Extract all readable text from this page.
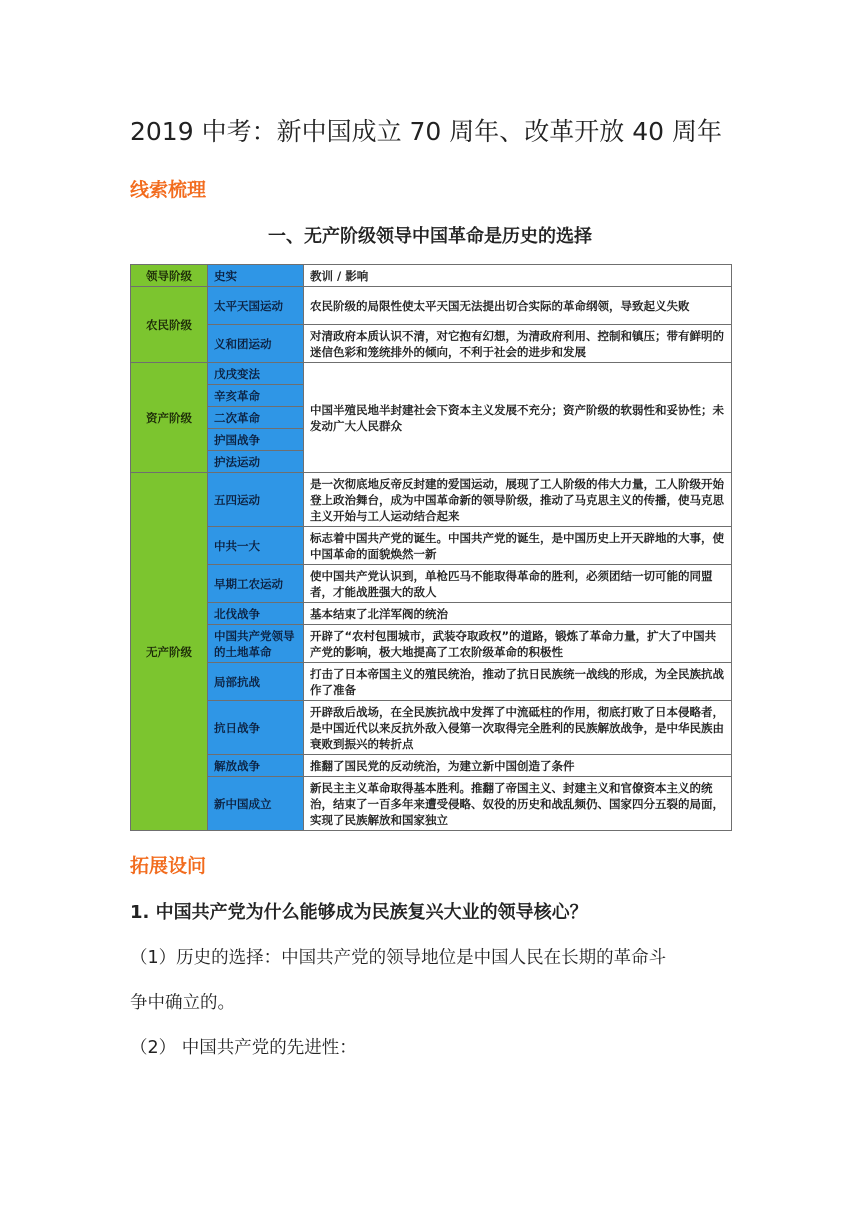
2019 中考：新中国成立 70 周年、改革开放 40 周年
线索梳理
一、无产阶级领导中国革命是历史的选择
领导阶级	史实	教训 / 影响
农民阶级	太平天国运动	农民阶级的局限性使太平天国无法提出切合实际的革命纲领，导致起义失败
	义和团运动	对清政府本质认识不清，对它抱有幻想，为清政府利用、控制和镇压；带有鲜明的迷信色彩和笼统排外的倾向，不利于社会的进步和发展
资产阶级	戊戌变法	中国半殖民地半封建社会下资本主义发展不充分；资产阶级的软弱性和妥协性；未发动广大人民群众
	辛亥革命	
	二次革命	
	护国战争	
	护法运动	
无产阶级	五四运动	是一次彻底地反帝反封建的爱国运动，展现了工人阶级的伟大力量，工人阶级开始登上政治舞台，成为中国革命新的领导阶级，推动了马克思主义的传播，使马克思主义开始与工人运动结合起来
	中共一大	标志着中国共产党的诞生。中国共产党的诞生，是中国历史上开天辟地的大事，使中国革命的面貌焕然一新
	早期工农运动	使中国共产党认识到，单枪匹马不能取得革命的胜利，必须团结一切可能的同盟者，才能战胜强大的敌人
	北伐战争	基本结束了北洋军阀的统治
	中国共产党领导的土地革命	开辟了“农村包围城市，武装夺取政权”的道路，锻炼了革命力量，扩大了中国共产党的影响，极大地提高了工农阶级革命的积极性
	局部抗战	打击了日本帝国主义的殖民统治，推动了抗日民族统一战线的形成，为全民族抗战作了准备
	抗日战争	开辟敌后战场，在全民族抗战中发挥了中流砥柱的作用，彻底打败了日本侵略者，是中国近代以来反抗外敌入侵第一次取得完全胜利的民族解放战争，是中华民族由衰败到振兴的转折点
	解放战争	推翻了国民党的反动统治，为建立新中国创造了条件
	新中国成立	新民主主义革命取得基本胜利。推翻了帝国主义、封建主义和官僚资本主义的统治，结束了一百多年来遭受侵略、奴役的历史和战乱频仍、国家四分五裂的局面，实现了民族解放和国家独立
拓展设问
1. 中国共产党为什么能够成为民族复兴大业的领导核心？
（1）历史的选择：中国共产党的领导地位是中国人民在长期的革命斗
争中确立的。
（2） 中国共产党的先进性：
